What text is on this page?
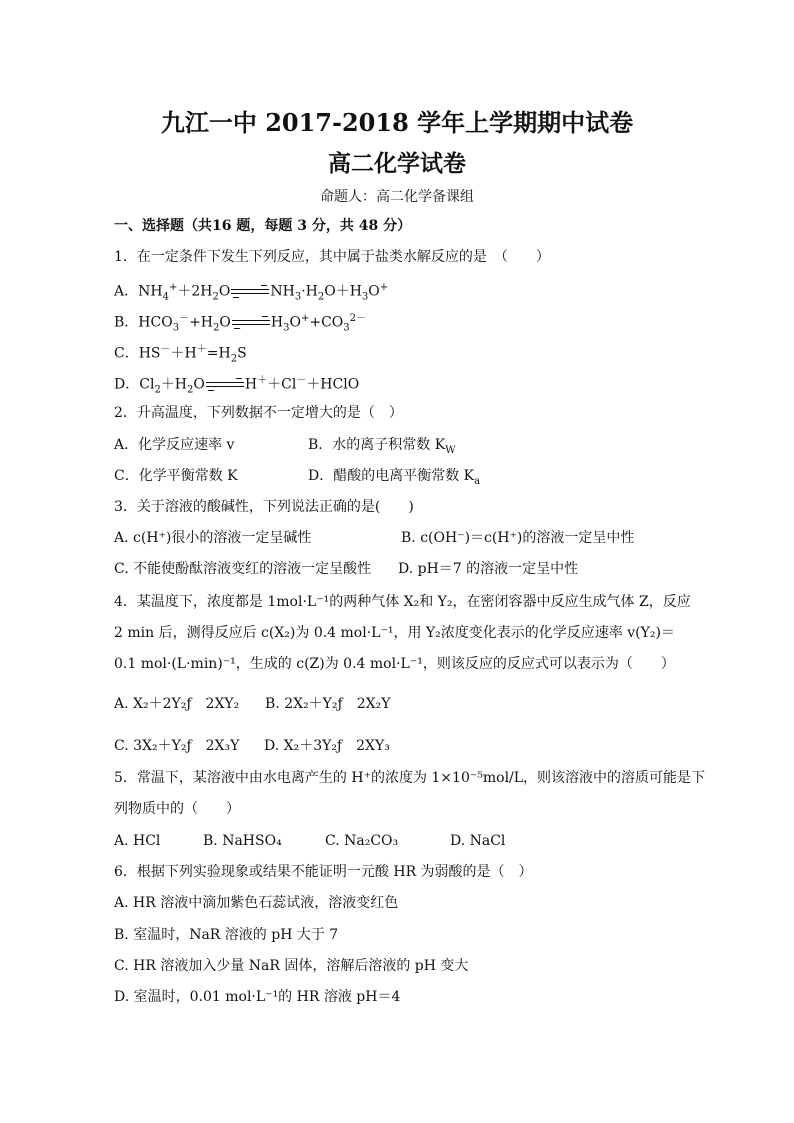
九江一中 2017-2018 学年上学期期中试卷
高二化学试卷
命题人：高二化学备课组
一、选择题（共16 题，每题 3 分，共 48 分）
1．在一定条件下发生下列反应，其中属于盐类水解反应的是　（　　）
A．$NH_4^++2H_2O\to NH_3\cdot H_2O+H_3O^+$
B．$HCO_3^-+H_2O\to H_3O^++CO_3^{2-}$
C．$HS^-+H^+=H_2S$
D．$Cl_2+H_2O\to H^++Cl^-+HClO$
2．升高温度，下列数据不一定增大的是（　）
A．化学反应速率 v	B．水的离子积常数 $K_W$
C．化学平衡常数 K	D．醋酸的电离平衡常数 $K_a$
3．关于溶液的酸碱性，下列说法正确的是(　　)
A. c(H⁺)很小的溶液一定呈碱性	B. c(OH⁻)＝c(H⁺)的溶液一定呈中性
C. 不能使酚酞溶液变红的溶液一定呈酸性 D. pH＝7 的溶液一定呈中性
4．某温度下，浓度都是 1mol·L⁻¹的两种气体 X₂和 Y₂，在密闭容器中反应生成气体 Z，反应
2 min 后，测得反应后 c(X₂)为 0.4 mol·L⁻¹，用 Y₂浓度变化表示的化学反应速率 v(Y₂)＝
0.1 mol·(L·min)⁻¹，生成的 c(Z)为 0.4 mol·L⁻¹，则该反应的反应式可以表示为（　　）
A. X₂＋2Y₂ƒ　2XY₂ B. 2X₂＋Y₂ƒ　2X₂Y
C. 3X₂＋Y₂ƒ　2X₃Y D. X₂＋3Y₂ƒ　2XY₃
5．常温下，某溶液中由水电离产生的 H⁺的浓度为 1×10⁻⁵mol/L，则该溶液中的溶质可能是下
列物质中的（　　）
A. HCl	B. NaHSO₄	C. Na₂CO₃	D. NaCl
6．根据下列实验现象或结果不能证明一元酸 HR 为弱酸的是（　）
A. HR 溶液中滴加紫色石蕊试液，溶液变红色
B. 室温时，NaR 溶液的 pH 大于 7
C. HR 溶液加入少量 NaR 固体，溶解后溶液的 pH 变大
D. 室温时，0.01 mol·L⁻¹的 HR 溶液 pH＝4
